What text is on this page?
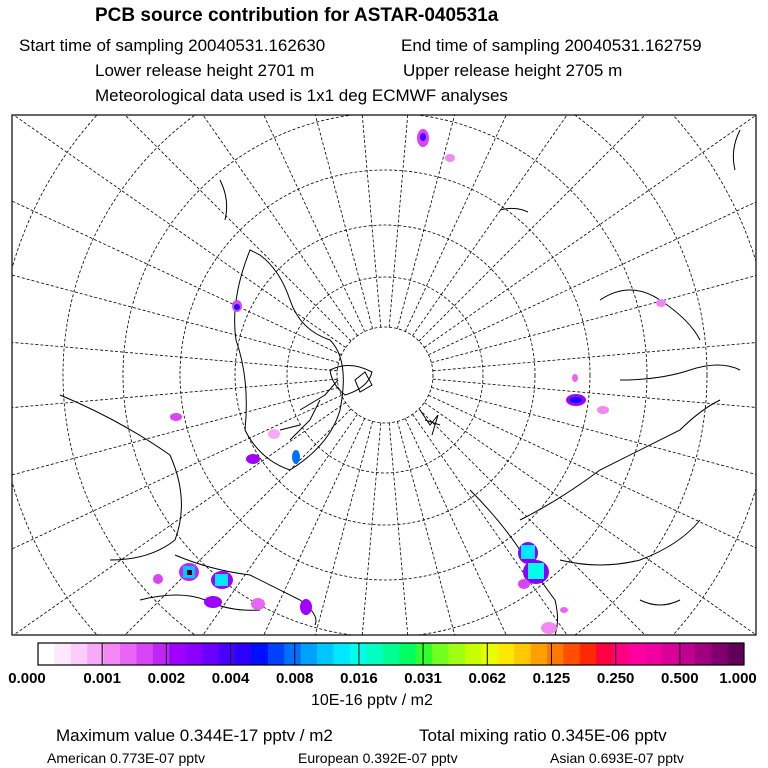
PCB source contribution for ASTAR-040531a
Start time of sampling 20040531.162630	End time of sampling 20040531.162759
Lower release height 2701 m	Upper release height 2705 m
Meteorological data used is 1x1 deg ECMWF analyses
0.000	0.001 0.002 0.004 0.008 0.016 0.031 0.062 0.125 0.250 0.500 1.000
10E-16 pptv / m2
Maximum value 0.344E-17 pptv / m2	Total mixing ratio 0.345E-06 pptv
American 0.773E-07 pptv	European 0.392E-07 pptv	Asian 0.693E-07 pptv
